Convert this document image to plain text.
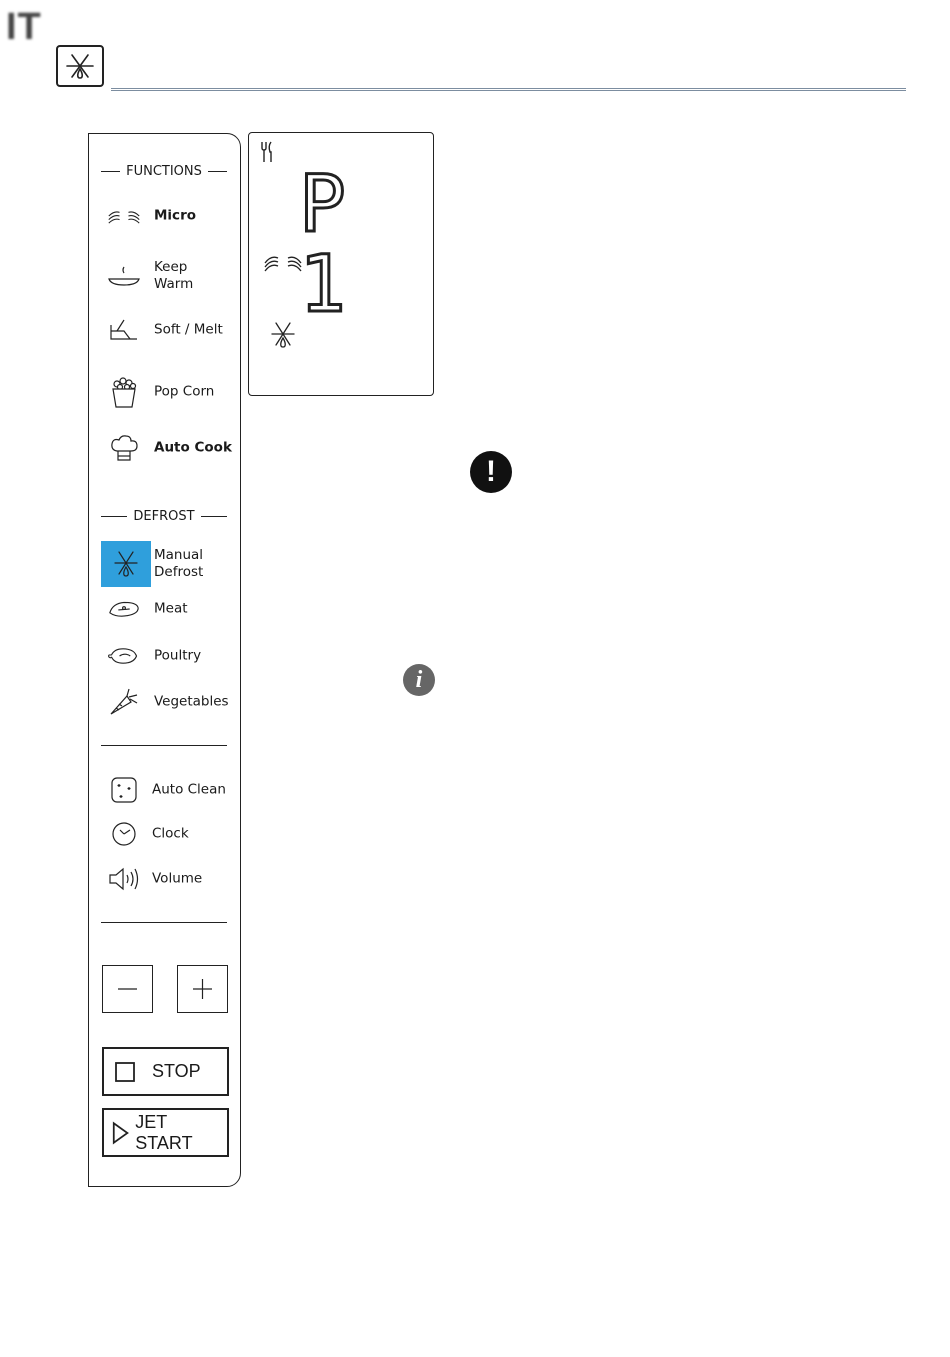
IT
FUNCTIONS
Micro
Keep
Warm
Soft / Melt
Pop Corn
Auto Cook
DEFROST
Manual
Defrost
Meat
Poultry
Vegetables
Auto Clean
Clock
Volume
STOP
JET START
P 1
!
i
